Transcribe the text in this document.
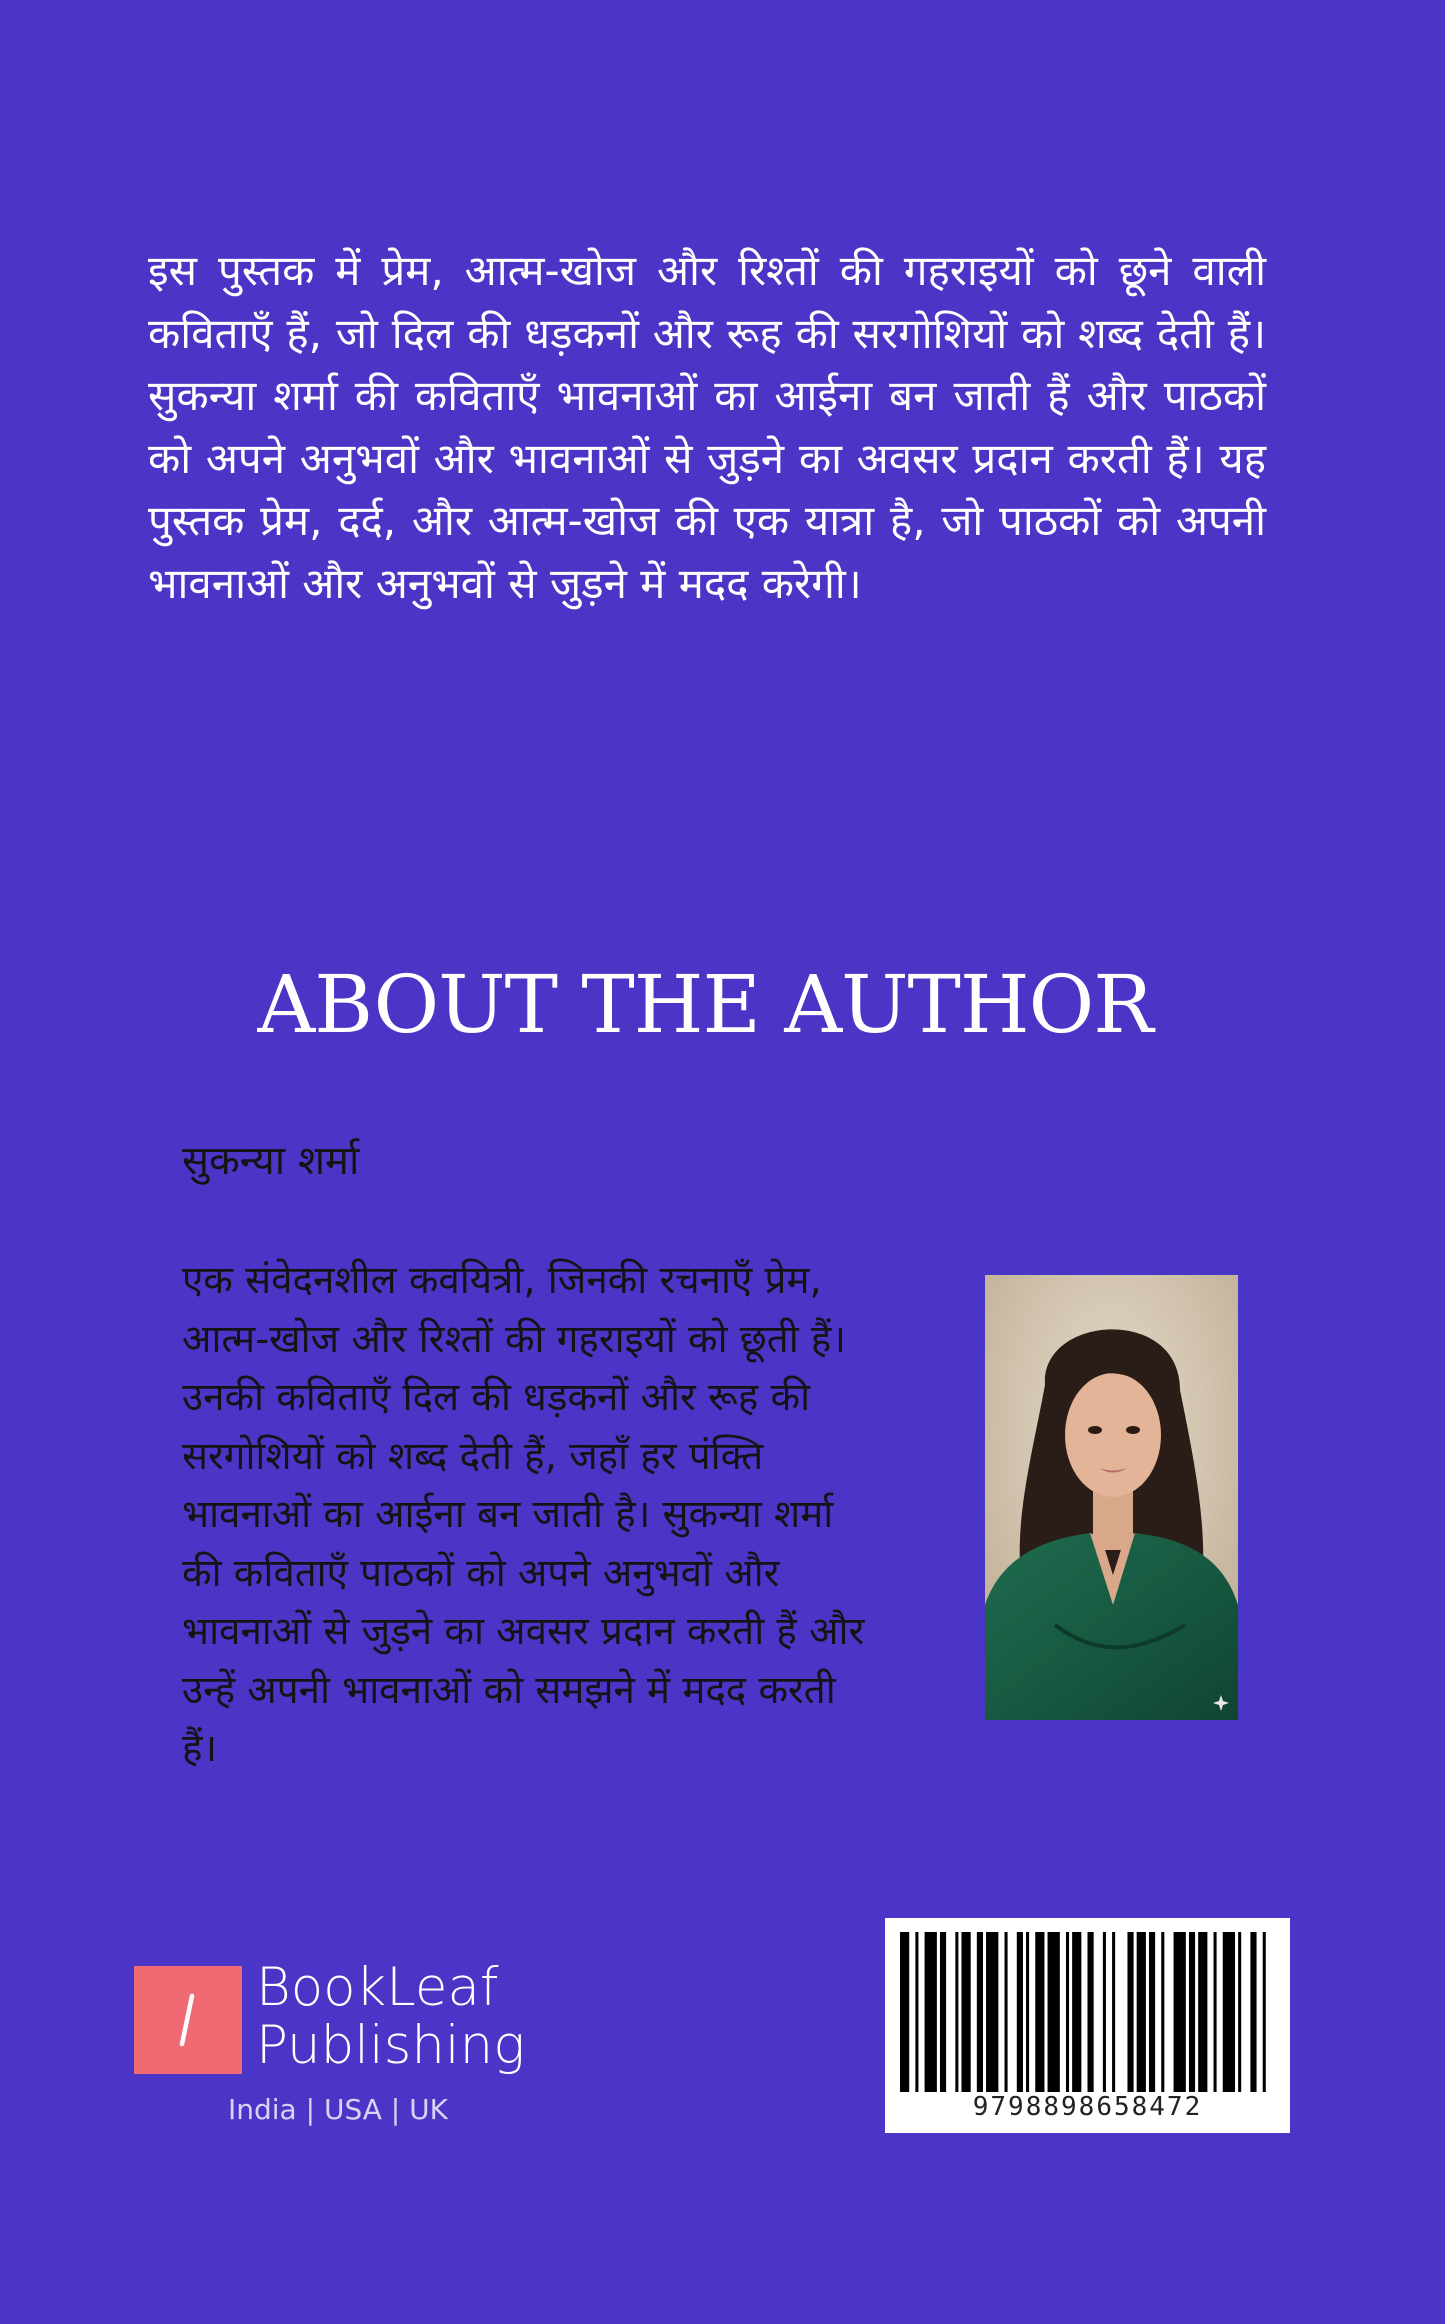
इस पुस्तक में प्रेम, आत्म-खोज और रिश्तों की गहराइयों को छूने वाली कविताएँ हैं, जो दिल की धड़कनों और रूह की सरगोशियों को शब्द देती हैं। सुकन्या शर्मा की कविताएँ भावनाओं का आईना बन जाती हैं और पाठकों को अपने अनुभवों और भावनाओं से जुड़ने का अवसर प्रदान करती हैं। यह पुस्तक प्रेम, दर्द, और आत्म-खोज की एक यात्रा है, जो पाठकों को अपनी भावनाओं और अनुभवों से जुड़ने में मदद करेगी।

ABOUT THE AUTHOR

सुकन्या शर्मा

एक संवेदनशील कवयित्री, जिनकी रचनाएँ प्रेम, आत्म-खोज और रिश्तों की गहराइयों को छूती हैं। उनकी कविताएँ दिल की धड़कनों और रूह की सरगोशियों को शब्द देती हैं, जहाँ हर पंक्ति भावनाओं का आईना बन जाती है। सुकन्या शर्मा की कविताएँ पाठकों को अपने अनुभवों और भावनाओं से जुड़ने का अवसर प्रदान करती हैं और उन्हें अपनी भावनाओं को समझने में मदद करती हैं।

BookLeaf
Publishing
India | USA | UK	9798898658472
